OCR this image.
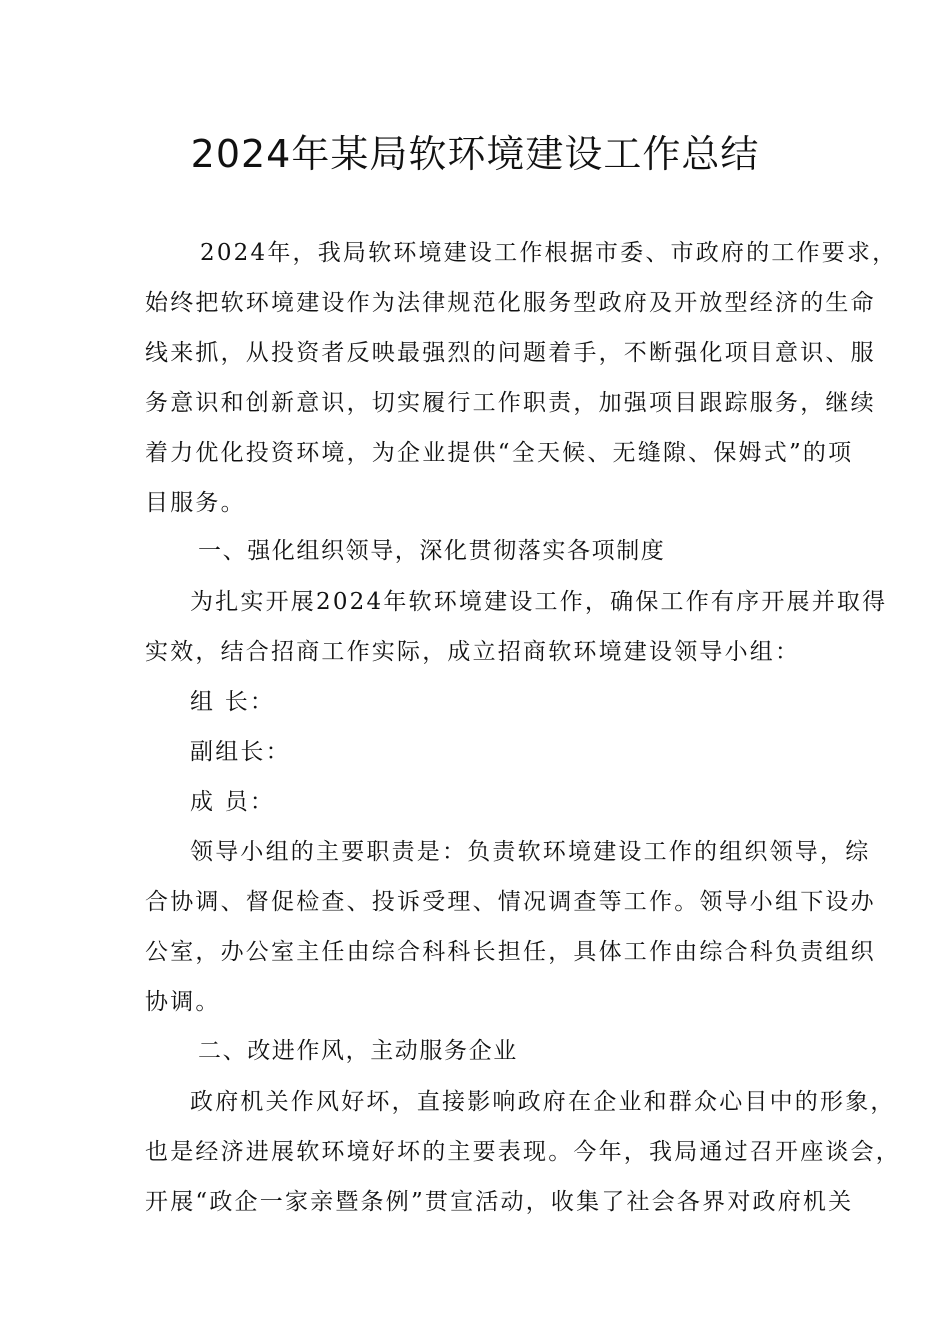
2024年某局软环境建设工作总结
2024年，我局软环境建设工作根据市委、市政府的工作要求，
始终把软环境建设作为法律规范化服务型政府及开放型经济的生命
线来抓，从投资者反映最强烈的问题着手，不断强化项目意识、服
务意识和创新意识，切实履行工作职责，加强项目跟踪服务，继续
着力优化投资环境，为企业提供“全天候、无缝隙、保姆式”的项
目服务。
一、强化组织领导，深化贯彻落实各项制度
为扎实开展2024年软环境建设工作，确保工作有序开展并取得
实效，结合招商工作实际，成立招商软环境建设领导小组：
组 长：
副组长：
成 员：
领导小组的主要职责是：负责软环境建设工作的组织领导，综
合协调、督促检查、投诉受理、情况调查等工作。领导小组下设办
公室，办公室主任由综合科科长担任，具体工作由综合科负责组织
协调。
二、改进作风，主动服务企业
政府机关作风好坏，直接影响政府在企业和群众心目中的形象，
也是经济进展软环境好坏的主要表现。今年，我局通过召开座谈会，
开展“政企一家亲暨条例”贯宣活动，收集了社会各界对政府机关
